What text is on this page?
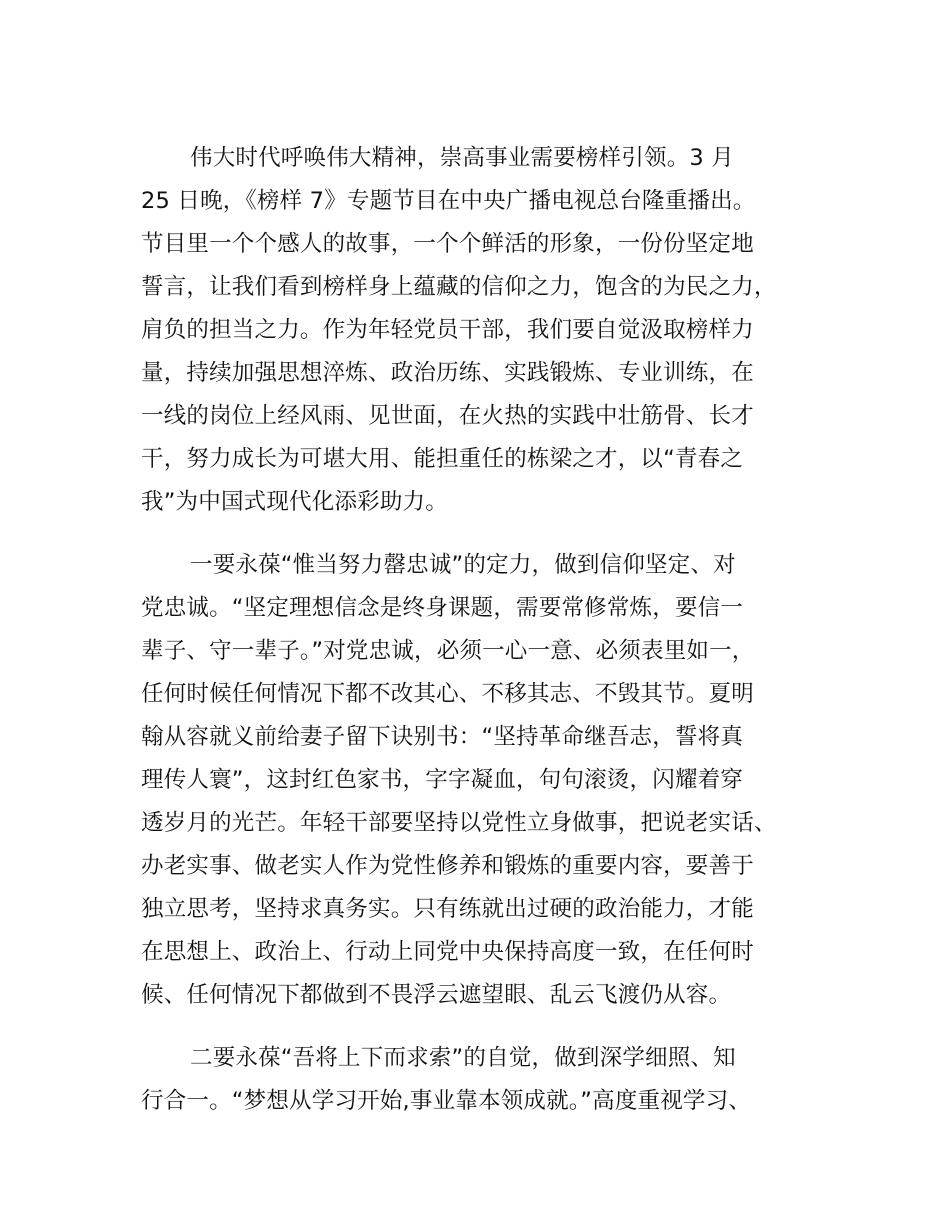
伟大时代呼唤伟大精神，崇高事业需要榜样引领。3 月

25 日晚，《榜样 7》专题节目在中央广播电视总台隆重播出。

节目里一个个感人的故事，一个个鲜活的形象，一份份坚定地

誓言，让我们看到榜样身上蕴藏的信仰之力，饱含的为民之力，

肩负的担当之力。作为年轻党员干部，我们要自觉汲取榜样力

量，持续加强思想淬炼、政治历练、实践锻炼、专业训练，在

一线的岗位上经风雨、见世面，在火热的实践中壮筋骨、长才

干，努力成长为可堪大用、能担重任的栋梁之才，以“青春之

我”为中国式现代化添彩助力。

一要永葆“惟当努力罄忠诚”的定力，做到信仰坚定、对

党忠诚。“坚定理想信念是终身课题，需要常修常炼，要信一

辈子、守一辈子。”对党忠诚，必须一心一意、必须表里如一，

任何时候任何情况下都不改其心、不移其志、不毁其节。夏明

翰从容就义前给妻子留下诀别书：“坚持革命继吾志，誓将真

理传人寰”，这封红色家书，字字凝血，句句滚烫，闪耀着穿

透岁月的光芒。年轻干部要坚持以党性立身做事，把说老实话、

办老实事、做老实人作为党性修养和锻炼的重要内容，要善于

独立思考，坚持求真务实。只有练就出过硬的政治能力，才能

在思想上、政治上、行动上同党中央保持高度一致，在任何时

候、任何情况下都做到不畏浮云遮望眼、乱云飞渡仍从容。

二要永葆“吾将上下而求索”的自觉，做到深学细照、知

行合一。“梦想从学习开始,事业靠本领成就。”高度重视学习、
